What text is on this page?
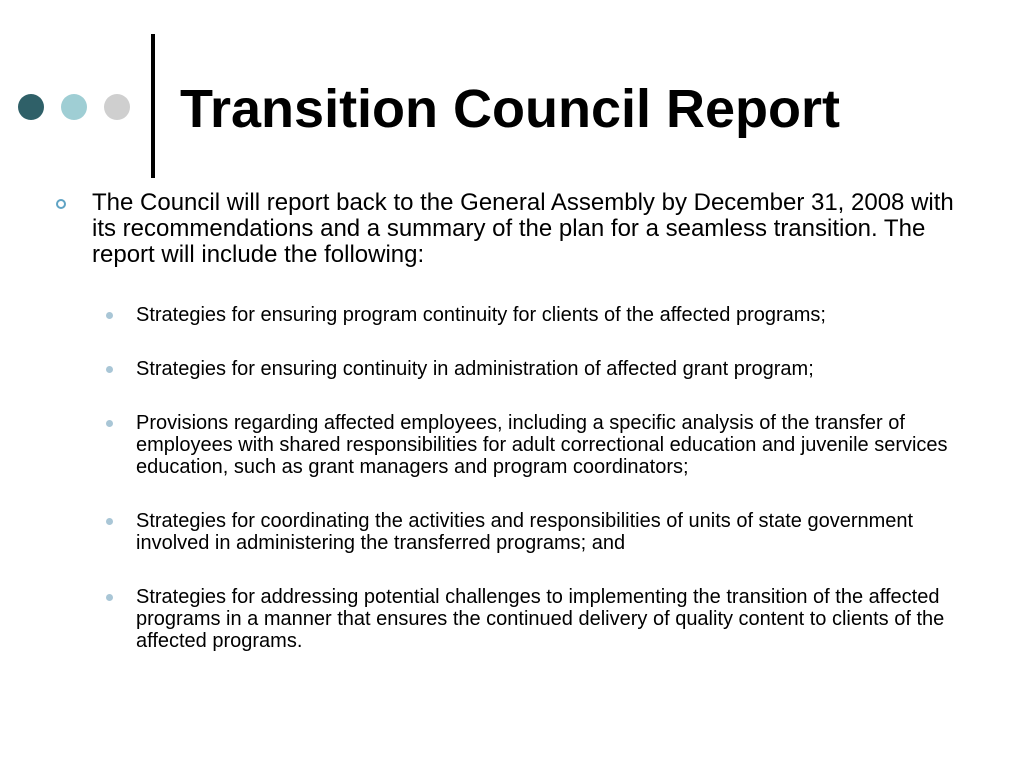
Transition Council Report
The Council will report back to the General Assembly by December 31, 2008 with its recommendations and a summary of the plan for a seamless transition. The report will include the following:
Strategies for ensuring program continuity for clients of the affected programs;
Strategies for ensuring continuity in administration of affected grant program;
Provisions regarding affected employees, including a specific analysis of the transfer of employees with shared responsibilities for adult correctional education and juvenile services education, such as grant managers and program coordinators;
Strategies for coordinating the activities and responsibilities of units of state government involved in administering the transferred programs; and
Strategies for addressing potential challenges to implementing the transition of the affected programs in a manner that ensures the continued delivery of quality content to clients of the affected programs.
